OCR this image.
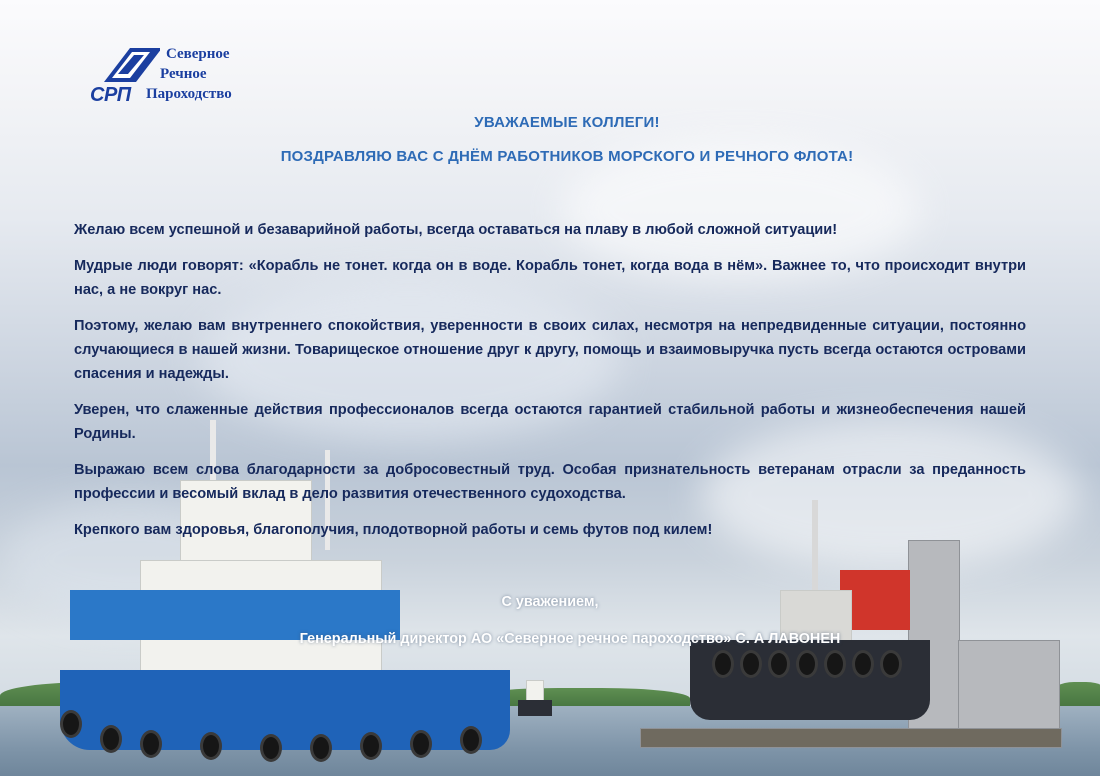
СРП
Северное
Речное
Пароходство
УВАЖАЕМЫЕ КОЛЛЕГИ!
ПОЗДРАВЛЯЮ ВАС С ДНЁМ РАБОТНИКОВ МОРСКОГО И РЕЧНОГО ФЛОТА!

Желаю всем успешной и безаварийной работы, всегда оставаться на плаву в любой сложной ситуации!

Мудрые люди говорят: «Корабль не тонет. когда он в воде. Корабль тонет, когда вода в нём». Важнее то, что происходит внутри нас, а не вокруг нас.

Поэтому, желаю вам внутреннего спокойствия, уверенности в своих силах, несмотря на непредвиденные ситуации, постоянно случающиеся в нашей жизни. Товарищеское отношение друг к другу, помощь и взаимовыручка пусть всегда остаются островами спасения и надежды.

Уверен, что слаженные действия профессионалов всегда остаются гарантией стабильной работы и жизнеобеспечения нашей Родины.

Выражаю всем слова благодарности за добросовестный труд. Особая признательность ветеранам отрасли за преданность профессии и весомый вклад в дело развития отечественного судоходства.

Крепкого вам здоровья, благополучия, плодотворной работы и семь футов под килем!

С уважением,
Генеральный директор АО «Северное речное пароходство» С. А ЛАВОНЕН
